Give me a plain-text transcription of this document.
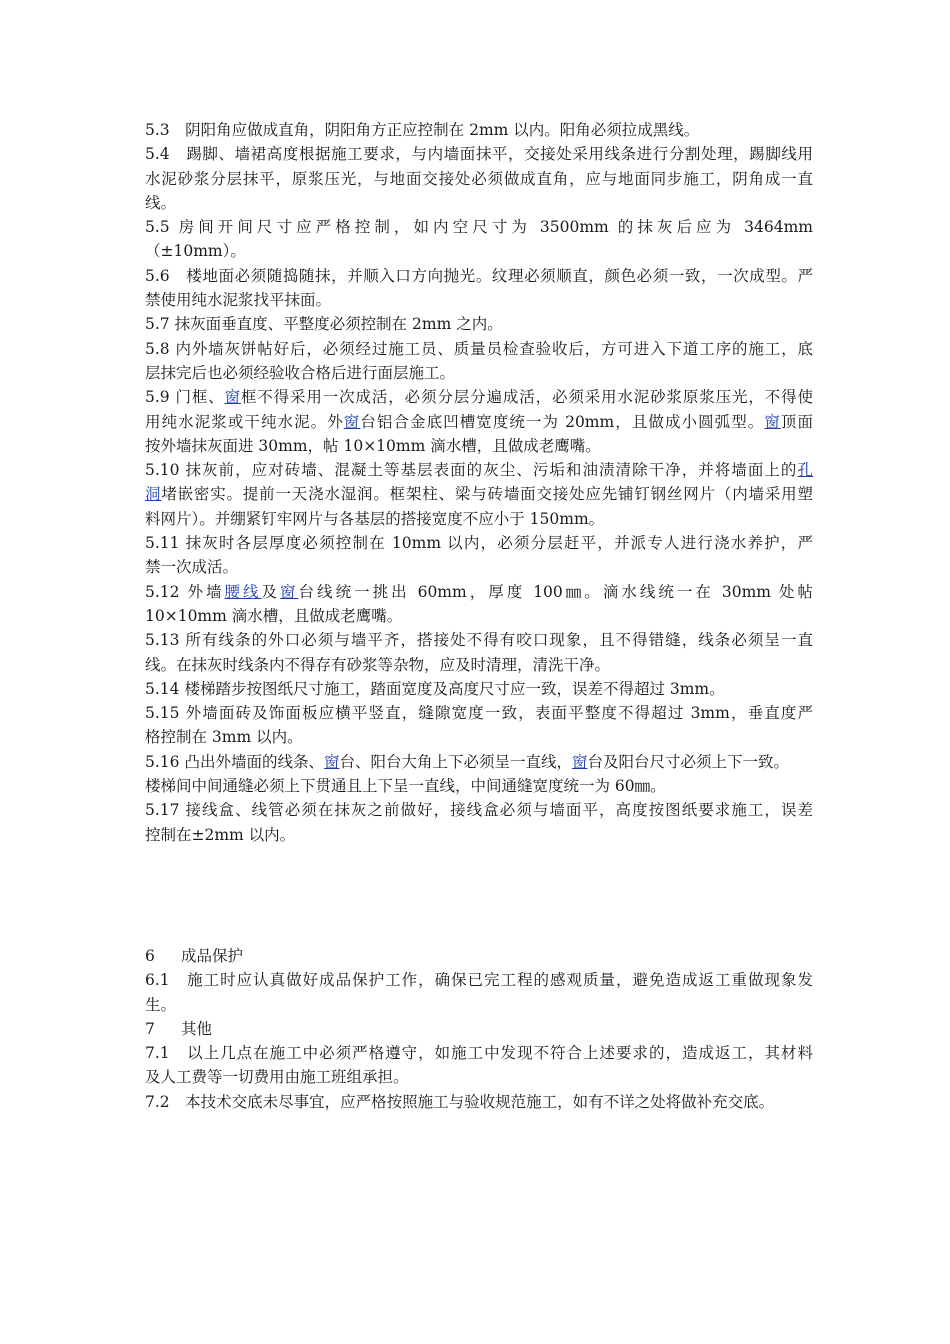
5.3　阴阳角应做成直角，阴阳角方正应控制在 2mm 以内。阳角必须拉成黑线。
5.4　踢脚、墙裙高度根据施工要求，与内墙面抹平，交接处采用线条进行分割处理，踢脚线用
水泥砂浆分层抹平，原浆压光，与地面交接处必须做成直角，应与地面同步施工，阴角成一直
线。
5.5 房间开间尺寸应严格控制，如内空尺寸为 3500mm 的抹灰后应为 3464mm
（±10mm）。
5.6　楼地面必须随捣随抹，并顺入口方向抛光。纹理必须顺直，颜色必须一致，一次成型。严
禁使用纯水泥浆找平抹面。
5.7 抹灰面垂直度、平整度必须控制在 2mm 之内。
5.8 内外墙灰饼帖好后，必须经过施工员、质量员检查验收后，方可进入下道工序的施工，底
层抹完后也必须经验收合格后进行面层施工。
5.9 门框、窗框不得采用一次成活，必须分层分遍成活，必须采用水泥砂浆原浆压光，不得使
用纯水泥浆或干纯水泥。外窗台铝合金底凹槽宽度统一为 20mm，且做成小圆弧型。窗顶面
按外墙抹灰面进 30mm，帖 10×10mm 滴水槽，且做成老鹰嘴。
5.10 抹灰前，应对砖墙、混凝土等基层表面的灰尘、污垢和油渍清除干净，并将墙面上的孔
洞堵嵌密实。提前一天浇水湿润。框架柱、梁与砖墙面交接处应先铺钉钢丝网片（内墙采用塑
料网片）。并绷紧钉牢网片与各基层的搭接宽度不应小于 150mm。
5.11 抹灰时各层厚度必须控制在 10mm 以内，必须分层赶平，并派专人进行浇水养护，严
禁一次成活。
5.12 外墙腰线及窗台线统一挑出 60mm，厚度 100㎜。滴水线统一在 30mm 处帖
10×10mm 滴水槽，且做成老鹰嘴。
5.13 所有线条的外口必须与墙平齐，搭接处不得有咬口现象，且不得错缝，线条必须呈一直
线。在抹灰时线条内不得存有砂浆等杂物，应及时清理，清洗干净。
5.14 楼梯踏步按图纸尺寸施工，踏面宽度及高度尺寸应一致，误差不得超过 3mm。
5.15 外墙面砖及饰面板应横平竖直，缝隙宽度一致，表面平整度不得超过 3mm，垂直度严
格控制在 3mm 以内。
5.16 凸出外墙面的线条、窗台、阳台大角上下必须呈一直线，窗台及阳台尺寸必须上下一致。
楼梯间中间通缝必须上下贯通且上下呈一直线，中间通缝宽度统一为 60㎜。
5.17 接线盒、线管必须在抹灰之前做好，接线盒必须与墙面平，高度按图纸要求施工，误差
控制在±2mm 以内。
6 成品保护
6.1　施工时应认真做好成品保护工作，确保已完工程的感观质量，避免造成返工重做现象发
生。
7 其他
7.1　以上几点在施工中必须严格遵守，如施工中发现不符合上述要求的，造成返工，其材料
及人工费等一切费用由施工班组承担。
7.2　本技术交底未尽事宜，应严格按照施工与验收规范施工，如有不详之处将做补充交底。
